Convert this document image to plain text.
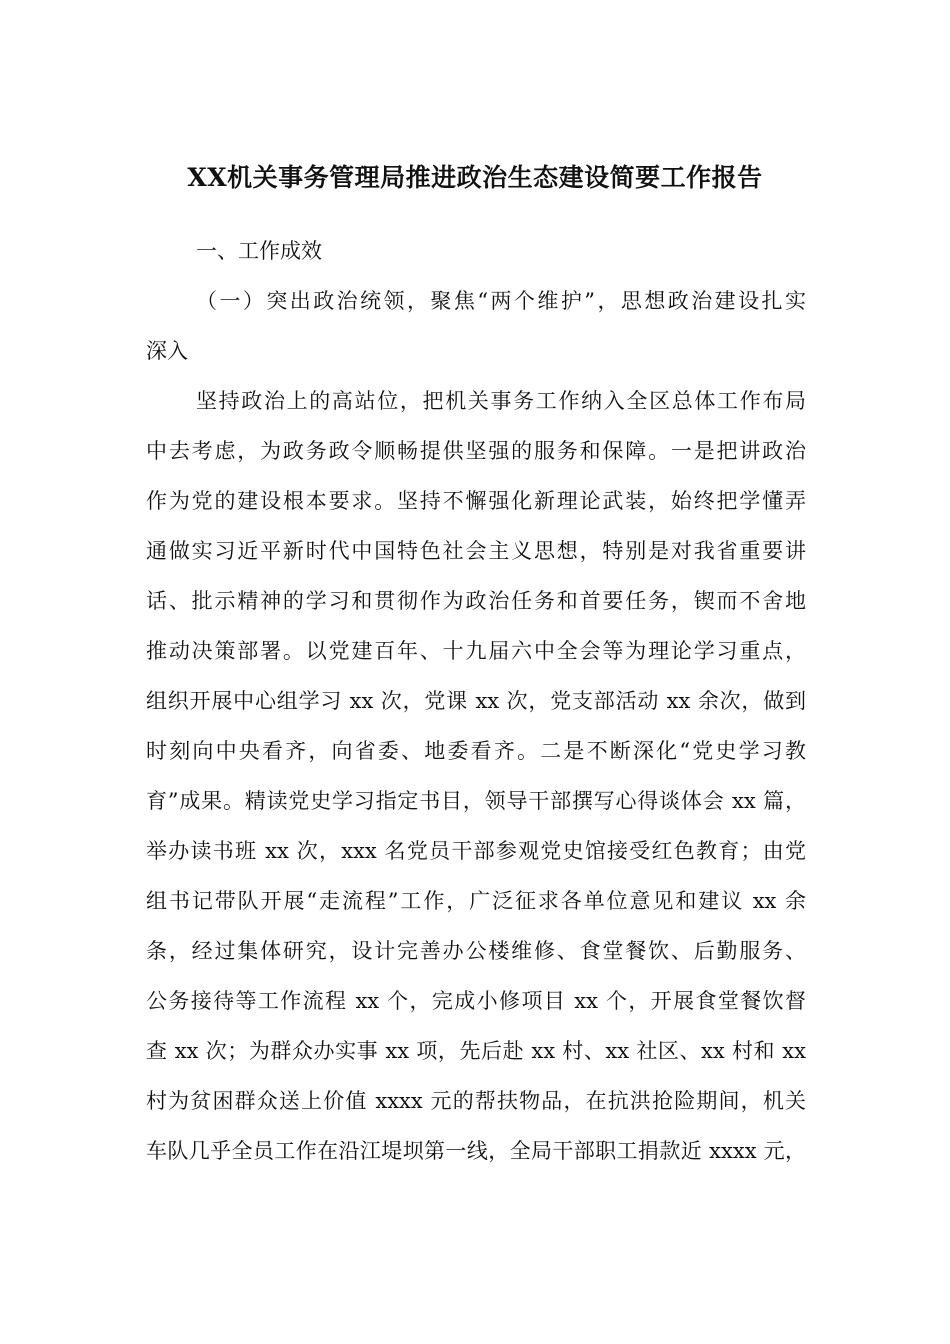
XX机关事务管理局推进政治生态建设简要工作报告
一、工作成效
（一）突出政治统领，聚焦“两个维护”，思想政治建设扎实
深入
坚持政治上的高站位，把机关事务工作纳入全区总体工作布局
中去考虑，为政务政令顺畅提供坚强的服务和保障。一是把讲政治
作为党的建设根本要求。坚持不懈强化新理论武装，始终把学懂弄
通做实习近平新时代中国特色社会主义思想，特别是对我省重要讲
话、批示精神的学习和贯彻作为政治任务和首要任务，锲而不舍地
推动决策部署。以党建百年、十九届六中全会等为理论学习重点，
组织开展中心组学习 xx 次，党课 xx 次，党支部活动 xx 余次，做到
时刻向中央看齐，向省委、地委看齐。二是不断深化“党史学习教
育”成果。精读党史学习指定书目，领导干部撰写心得谈体会 xx 篇，
举办读书班 xx 次，xxx 名党员干部参观党史馆接受红色教育；由党
组书记带队开展“走流程”工作，广泛征求各单位意见和建议 xx 余
条，经过集体研究，设计完善办公楼维修、食堂餐饮、后勤服务、
公务接待等工作流程 xx 个，完成小修项目 xx 个，开展食堂餐饮督
查 xx 次；为群众办实事 xx 项，先后赴 xx 村、xx 社区、xx 村和 xx
村为贫困群众送上价值 xxxx 元的帮扶物品，在抗洪抢险期间，机关
车队几乎全员工作在沿江堤坝第一线，全局干部职工捐款近 xxxx 元，
